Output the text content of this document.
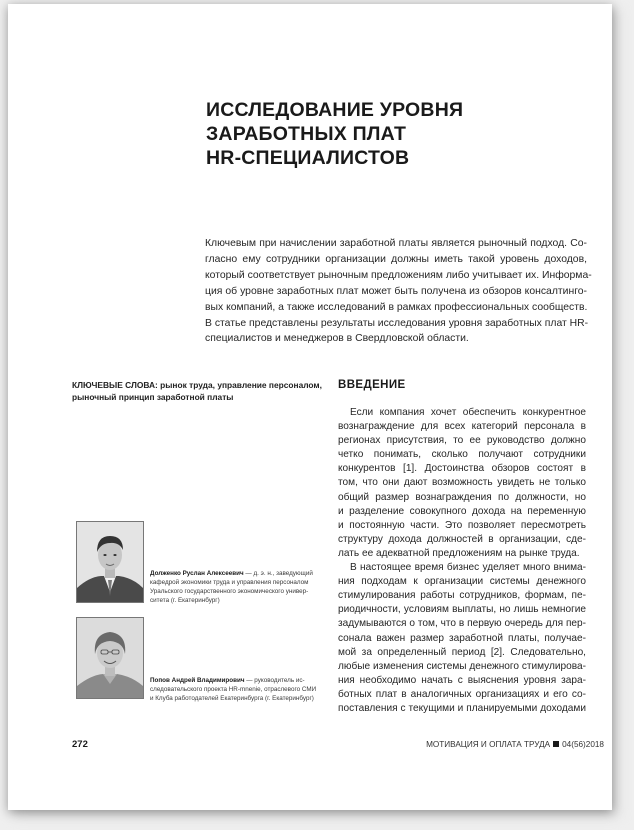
ИССЛЕДОВАНИЕ УРОВНЯ ЗАРАБОТНЫХ ПЛАТ
HR-СПЕЦИАЛИСТОВ
Ключевым при начислении заработной платы является рыночный подход. Со-
гласно ему сотрудники организации должны иметь такой уровень доходов,
который соответствует рыночным предложениям либо учитывает их. Информа-
ция об уровне заработных плат может быть получена из обзоров консалтинго-
вых компаний, а также исследований в рамках профессиональных сообществ.
В статье представлены результаты исследования уровня заработных плат HR-
специалистов и менеджеров в Свердловской области.
КЛЮЧЕВЫЕ СЛОВА: рынок труда, управление персоналом,
рыночный принцип заработной платы
ВВЕДЕНИЕ
Если компания хочет обеспечить конкурентное
вознаграждение для всех категорий персонала в
регионах присутствия, то ее руководство должно
четко понимать, сколько получают сотрудники
конкурентов [1]. Достоинства обзоров состоят в
том, что они дают возможность увидеть не только
общий размер вознаграждения по должности, но
и разделение совокупного дохода на переменную
и постоянную части. Это позволяет пересмотреть
структуру дохода должностей в организации, сде-
лать ее адекватной предложениям на рынке труда.
В настоящее время бизнес уделяет много внима-
ния подходам к организации системы денежного
стимулирования работы сотрудников, формам, пе-
риодичности, условиям выплаты, но лишь немногие
задумываются о том, что в первую очередь для пер-
сонала важен размер заработной платы, получае-
мой за определенный период [2]. Следовательно,
любые изменения системы денежного стимулирова-
ния необходимо начать с выяснения уровня зара-
ботных плат в аналогичных организациях и его со-
поставления с текущими и планируемыми доходами
Долженко Руслан Алексеевич — д. э. н., заведующий
кафедрой экономики труда и управления персоналом
Уральского государственного экономического универ-
ситета (г. Екатеринбург)
Попов Андрей Владимирович — руководитель ис-
следовательского проекта HR-mnenie, отраслевого СМИ
и Клуба работодателей Екатеринбурга (г. Екатеринбург)
272	МОТИВАЦИЯ И ОПЛАТА ТРУДА 04(56)2018
